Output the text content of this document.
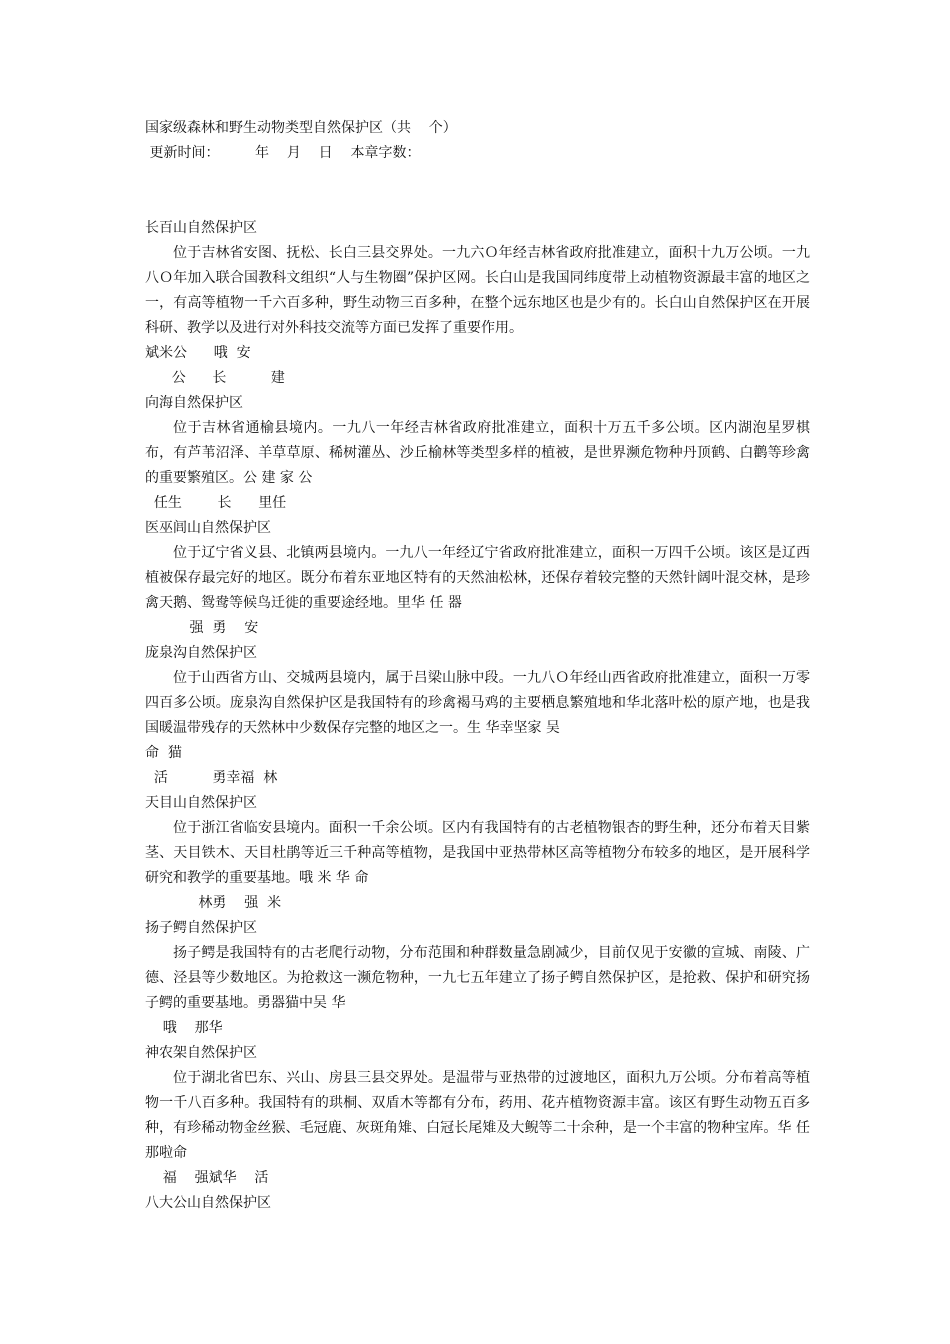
国家级森林和野生动物类型自然保护区（共    个）
更新时间：        年    月    日    本章字数：
长百山自然保护区
位于吉林省安图、抚松、长白三县交界处。一九六Ｏ年经吉林省政府批准建立，面积十九万公顷。一九八Ｏ年加入联合国教科文组织“人与生物圈”保护区网。长白山是我国同纬度带上动植物资源最丰富的地区之一，有高等植物一千六百多种，野生动物三百多种，在整个远东地区也是少有的。长白山自然保护区在开展科研、教学以及进行对外科技交流等方面已发挥了重要作用。
斌米公      哦  安
公      长          建
向海自然保护区
位于吉林省通榆县境内。一九八一年经吉林省政府批准建立，面积十万五千多公顷。区内湖泡星罗棋布，有芦苇沼泽、羊草草原、稀树灌丛、沙丘榆林等类型多样的植被，是世界濒危物种丹顶鹤、白鹳等珍禽的重要繁殖区。公 建 家 公
任生        长      里任
医巫闾山自然保护区
位于辽宁省义县、北镇两县境内。一九八一年经辽宁省政府批准建立，面积一万四千公顷。该区是辽西植被保存最完好的地区。既分布着东亚地区特有的天然油松林，还保存着较完整的天然针阔叶混交林，是珍禽天鹅、鸳鸯等候鸟迁徙的重要途经地。里华 任 器
强  勇    安
庞泉沟自然保护区
位于山西省方山、交城两县境内，属于吕梁山脉中段。一九八Ｏ年经山西省政府批准建立，面积一万零四百多公顷。庞泉沟自然保护区是我国特有的珍禽褐马鸡的主要栖息繁殖地和华北落叶松的原产地，也是我国暖温带残存的天然林中少数保存完整的地区之一。生 华幸坚家 吴
命  猫
活          勇幸福  林
天目山自然保护区
位于浙江省临安县境内。面积一千余公顷。区内有我国特有的古老植物银杏的野生种，还分布着天目紫茎、天目铁木、天目杜鹃等近三千种高等植物，是我国中亚热带林区高等植物分布较多的地区，是开展科学研究和教学的重要基地。哦 米 华 命
林勇    强  米
扬子鳄自然保护区
扬子鳄是我国特有的古老爬行动物，分布范围和种群数量急剧减少，目前仅见于安徽的宣城、南陵、广德、泾县等少数地区。为抢救这一濒危物种，一九七五年建立了扬子鳄自然保护区，是抢救、保护和研究扬子鳄的重要基地。勇器猫中吴 华
哦    那华
神农架自然保护区
位于湖北省巴东、兴山、房县三县交界处。是温带与亚热带的过渡地区，面积九万公顷。分布着高等植物一千八百多种。我国特有的珙桐、双盾木等都有分布，药用、花卉植物资源丰富。该区有野生动物五百多种，有珍稀动物金丝猴、毛冠鹿、灰斑角雉、白冠长尾雉及大鲵等二十余种，是一个丰富的物种宝库。华 任 那啦命
福    强斌华    活
八大公山自然保护区
